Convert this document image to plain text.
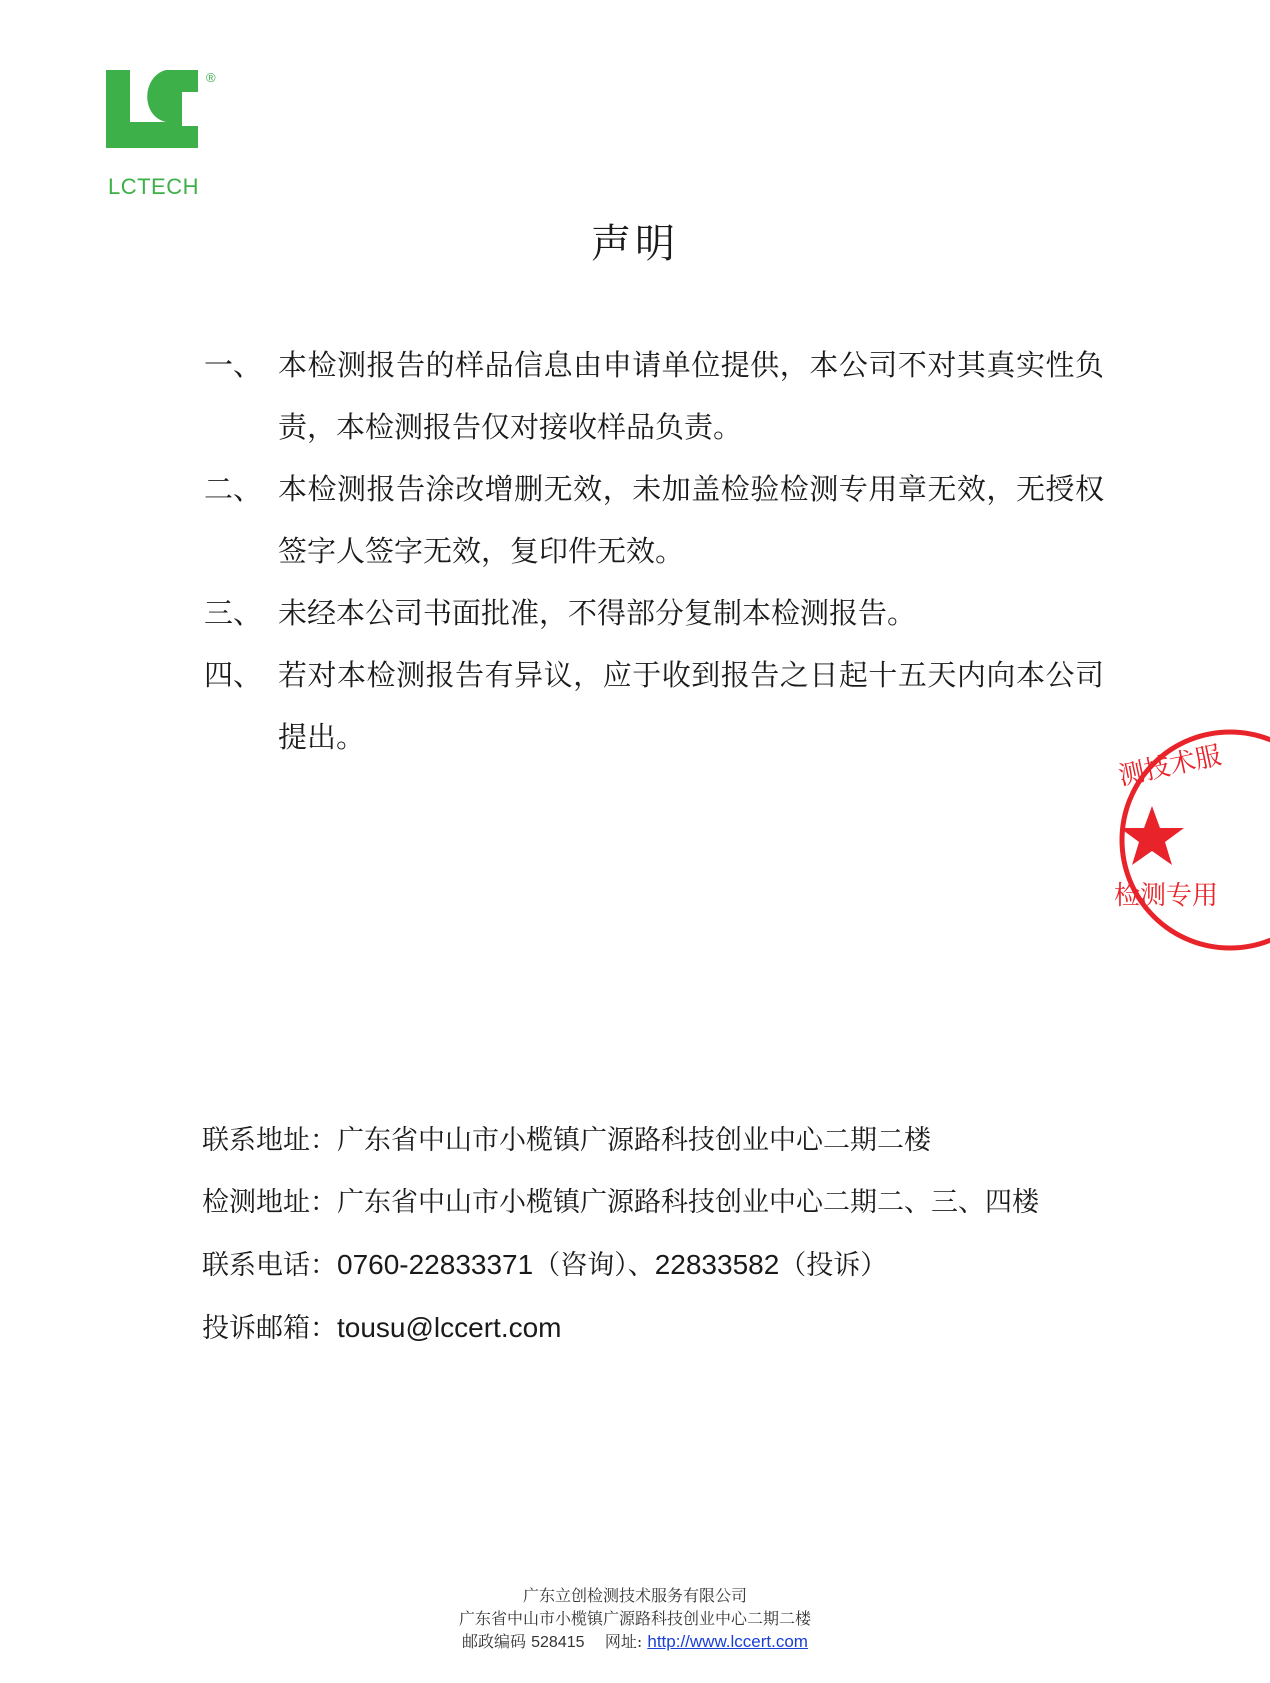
®
LCTECH
声明
一、 本检测报告的样品信息由申请单位提供，本公司不对其真实性负责，本检测报告仅对接收样品负责。
二、 本检测报告涂改增删无效，未加盖检验检测专用章无效，无授权签字人签字无效，复印件无效。
三、 未经本公司书面批准，不得部分复制本检测报告。
四、 若对本检测报告有异议，应于收到报告之日起十五天内向本公司提出。
测技术服
检测专用
联系地址：广东省中山市小榄镇广源路科技创业中心二期二楼
检测地址：广东省中山市小榄镇广源路科技创业中心二期二、三、四楼
联系电话：0760-22833371（咨询）、22833582（投诉）
投诉邮箱：tousu@lccert.com
广东立创检测技术服务有限公司
广东省中山市小榄镇广源路科技创业中心二期二楼
邮政编码 528415 网址: http://www.lccert.com
